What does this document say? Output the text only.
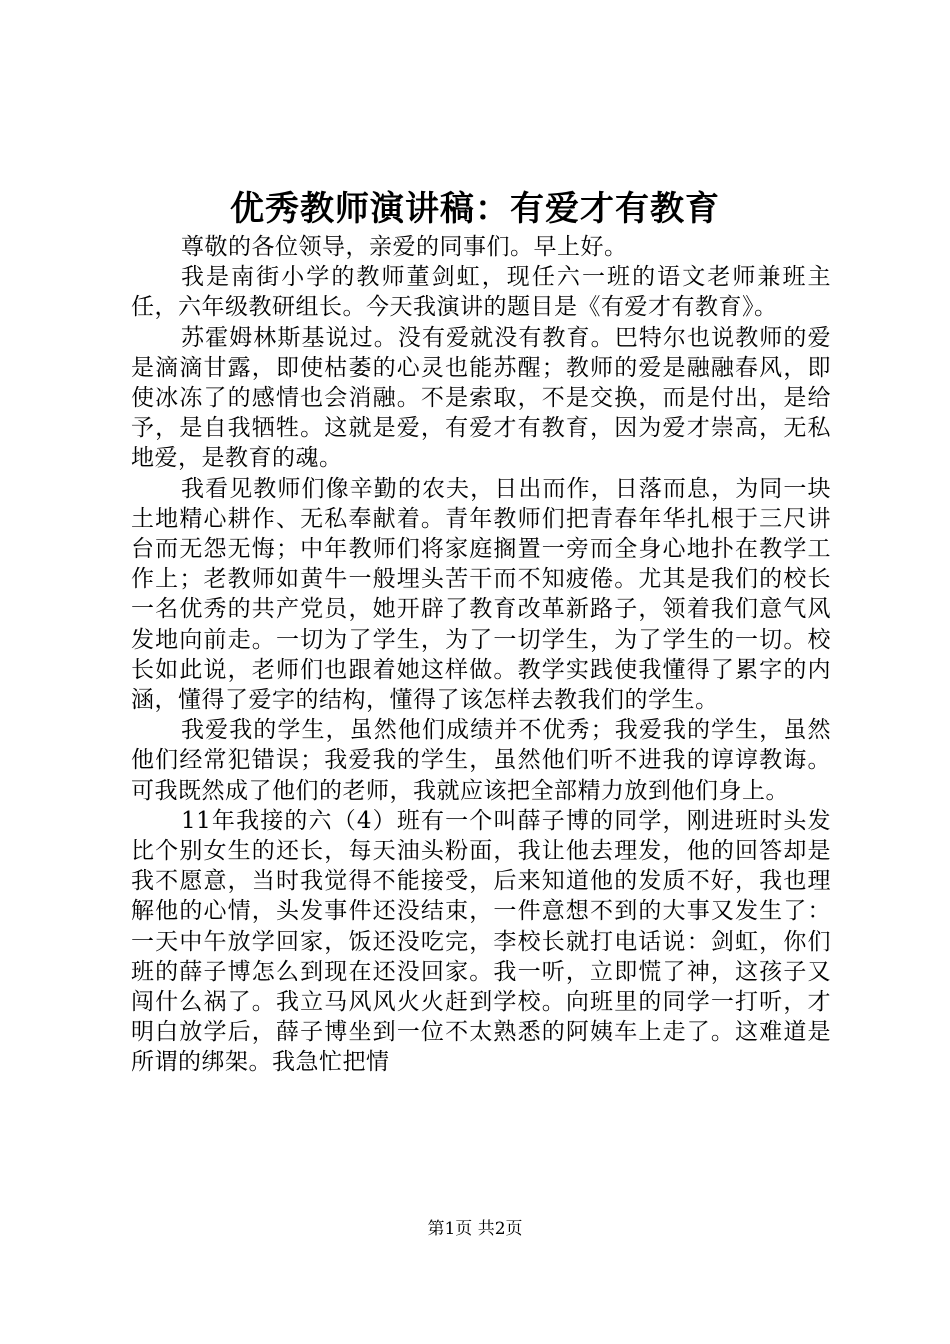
优秀教师演讲稿：有爱才有教育

尊敬的各位领导，亲爱的同事们。早上好。

我是南街小学的教师董剑虹，现任六一班的语文老师兼班主任，六年级教研组长。今天我演讲的题目是《有爱才有教育》。

苏霍姆林斯基说过。没有爱就没有教育。巴特尔也说教师的爱是滴滴甘露，即使枯萎的心灵也能苏醒；教师的爱是融融春风，即使冰冻了的感情也会消融。不是索取，不是交换，而是付出，是给予，是自我牺牲。这就是爱，有爱才有教育，因为爱才崇高，无私地爱，是教育的魂。

我看见教师们像辛勤的农夫，日出而作，日落而息，为同一块土地精心耕作、无私奉献着。青年教师们把青春年华扎根于三尺讲台而无怨无悔；中年教师们将家庭搁置一旁而全身心地扑在教学工作上；老教师如黄牛一般埋头苦干而不知疲倦。尤其是我们的校长一名优秀的共产党员，她开辟了教育改革新路子，领着我们意气风发地向前走。一切为了学生，为了一切学生，为了学生的一切。校长如此说，老师们也跟着她这样做。教学实践使我懂得了累字的内涵，懂得了爱字的结构，懂得了该怎样去教我们的学生。

我爱我的学生，虽然他们成绩并不优秀；我爱我的学生，虽然他们经常犯错误；我爱我的学生，虽然他们听不进我的谆谆教诲。可我既然成了他们的老师，我就应该把全部精力放到他们身上。

11年我接的六（4）班有一个叫薛子博的同学，刚进班时头发比个别女生的还长，每天油头粉面，我让他去理发，他的回答却是我不愿意，当时我觉得不能接受，后来知道他的发质不好，我也理解他的心情，头发事件还没结束，一件意想不到的大事又发生了：一天中午放学回家，饭还没吃完，李校长就打电话说：剑虹，你们班的薛子博怎么到现在还没回家。我一听，立即慌了神，这孩子又闯什么祸了。我立马风风火火赶到学校。向班里的同学一打听，才明白放学后，薛子博坐到一位不太熟悉的阿姨车上走了。这难道是所谓的绑架。我急忙把情

第1页 共2页
